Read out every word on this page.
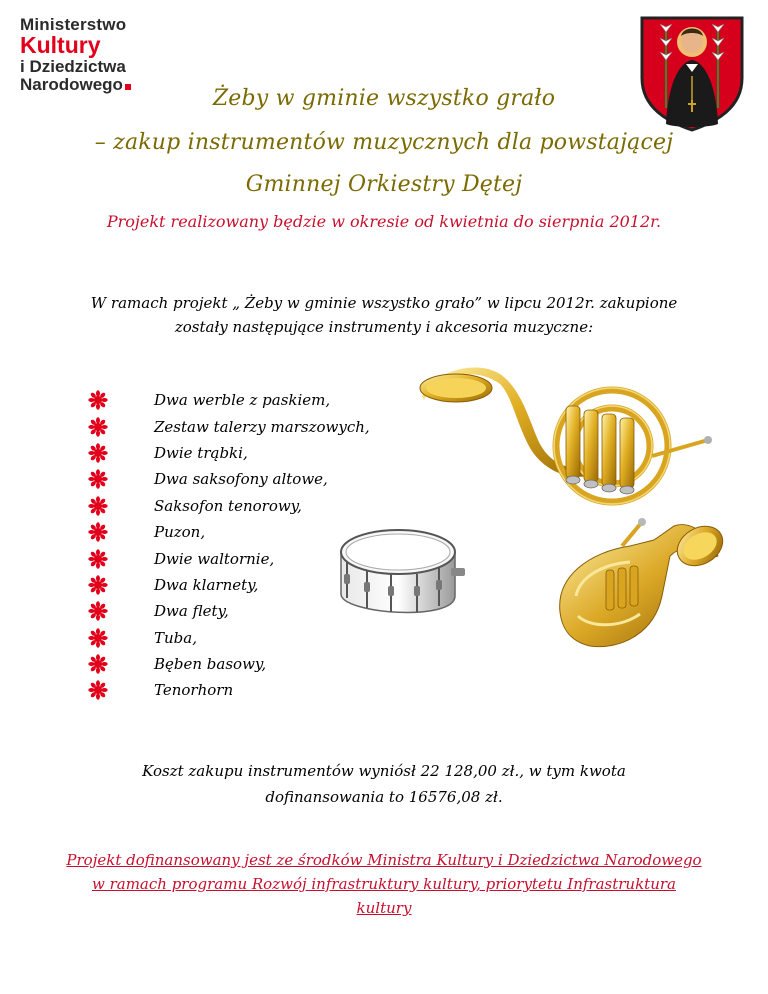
Ministerstwo
Kultury
i Dziedzictwa
Narodowego
Żeby w gminie wszystko grało
– zakup instrumentów muzycznych dla powstającej
Gminnej Orkiestry Dętej
Projekt realizowany będzie w okresie od kwietnia do sierpnia 2012r.
W ramach projekt „ Żeby w gminie wszystko grało” w lipcu 2012r. zakupione zostały następujące instrumenty i akcesoria muzyczne:
Dwa werble z paskiem,
Zestaw talerzy marszowych,
Dwie trąbki,
Dwa saksofony altowe,
Saksofon tenorowy,
Puzon,
Dwie waltornie,
Dwa klarnety,
Dwa flety,
Tuba,
Bęben basowy,
Tenorhorn
Koszt zakupu instrumentów wyniósł 22 128,00 zł., w tym kwota dofinansowania to 16576,08 zł.
Projekt dofinansowany jest ze środków Ministra Kultury i Dziedzictwa Narodowego w ramach programu Rozwój infrastruktury kultury, priorytetu Infrastruktura kultury
